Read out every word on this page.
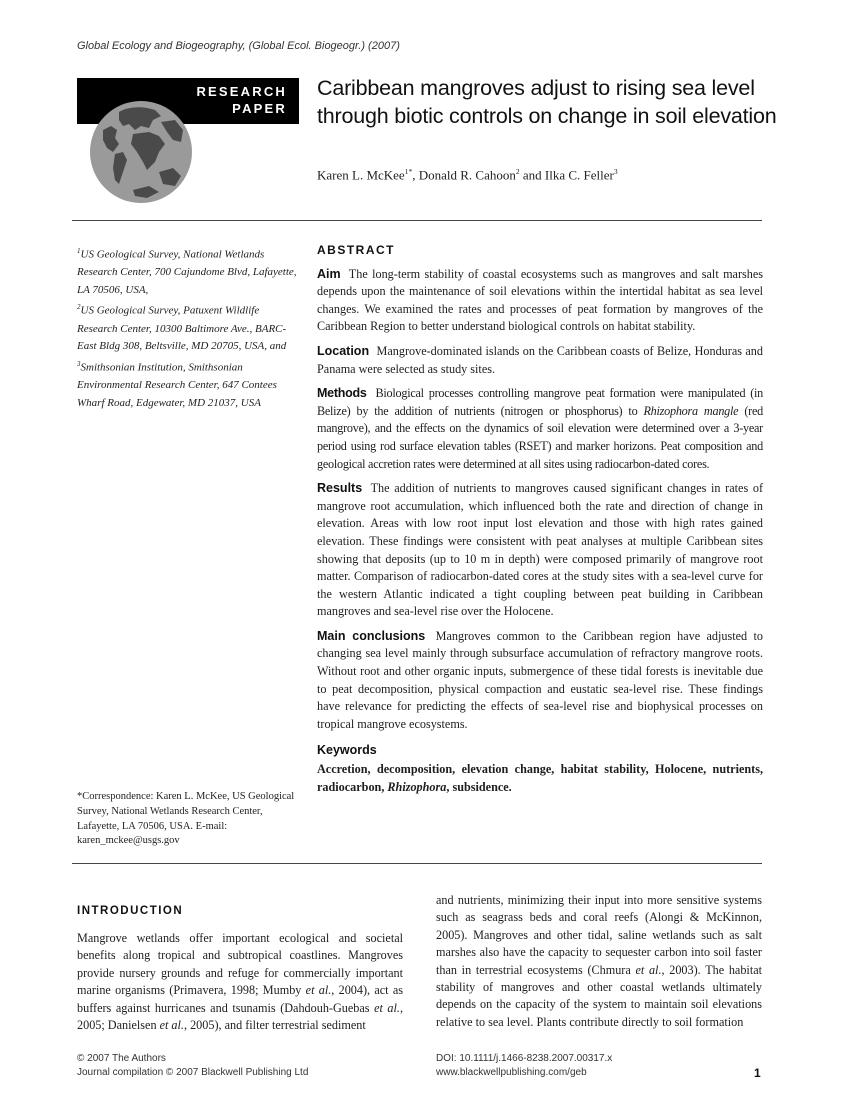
Global Ecology and Biogeography, (Global Ecol. Biogeogr.) (2007)
RESEARCH
PAPER
Caribbean mangroves adjust to rising sea level through biotic controls on change in soil elevation
Karen L. McKee$^{1*}$, Donald R. Cahoon$^2$ and Ilka C. Feller$^3$
$^1$US Geological Survey, National Wetlands Research Center, 700 Cajundome Blvd, Lafayette, LA 70506, USA,
$^2$US Geological Survey, Patuxent Wildlife Research Center, 10300 Baltimore Ave., BARC-East Bldg 308, Beltsville, MD 20705, USA, and
$^3$Smithsonian Institution, Smithsonian Environmental Research Center, 647 Contees Wharf Road, Edgewater, MD 21037, USA
*Correspondence: Karen L. McKee, US Geological Survey, National Wetlands Research Center, Lafayette, LA 70506, USA. E-mail: karen_mckee@usgs.gov
ABSTRACT

Aim The long-term stability of coastal ecosystems such as mangroves and salt marshes depends upon the maintenance of soil elevations within the intertidal habitat as sea level changes. We examined the rates and processes of peat formation by mangroves of the Caribbean Region to better understand biological controls on habitat stability.

Location Mangrove-dominated islands on the Caribbean coasts of Belize, Honduras and Panama were selected as study sites.

Methods Biological processes controlling mangrove peat formation were manipulated (in Belize) by the addition of nutrients (nitrogen or phosphorus) to Rhizophora mangle (red mangrove), and the effects on the dynamics of soil elevation were determined over a 3-year period using rod surface elevation tables (RSET) and marker horizons. Peat composition and geological accretion rates were determined at all sites using radiocarbon-dated cores.

Results The addition of nutrients to mangroves caused significant changes in rates of mangrove root accumulation, which influenced both the rate and direction of change in elevation. Areas with low root input lost elevation and those with high rates gained elevation. These findings were consistent with peat analyses at multiple Caribbean sites showing that deposits (up to 10 m in depth) were composed primarily of mangrove root matter. Comparison of radiocarbon-dated cores at the study sites with a sea-level curve for the western Atlantic indicated a tight coupling between peat building in Caribbean mangroves and sea-level rise over the Holocene.

Main conclusions Mangroves common to the Caribbean region have adjusted to changing sea level mainly through subsurface accumulation of refractory mangrove roots. Without root and other organic inputs, submergence of these tidal forests is inevitable due to peat decomposition, physical compaction and eustatic sea-level rise. These findings have relevance for predicting the effects of sea-level rise and biophysical processes on tropical mangrove ecosystems.

Keywords
Accretion, decomposition, elevation change, habitat stability, Holocene, nutrients, radiocarbon, Rhizophora, subsidence.
INTRODUCTION
Mangrove wetlands offer important ecological and societal benefits along tropical and subtropical coastlines. Mangroves provide nursery grounds and refuge for commercially important marine organisms (Primavera, 1998; Mumby et al., 2004), act as buffers against hurricanes and tsunamis (Dahdouh-Guebas et al., 2005; Danielsen et al., 2005), and filter terrestrial sediment
and nutrients, minimizing their input into more sensitive systems such as seagrass beds and coral reefs (Alongi & McKinnon, 2005). Mangroves and other tidal, saline wetlands such as salt marshes also have the capacity to sequester carbon into soil faster than in terrestrial ecosystems (Chmura et al., 2003). The habitat stability of mangroves and other coastal wetlands ultimately depends on the capacity of the system to maintain soil elevations relative to sea level. Plants contribute directly to soil formation
© 2007 The Authors
Journal compilation © 2007 Blackwell Publishing Ltd
DOI: 10.1111/j.1466-8238.2007.00317.x
www.blackwellpublishing.com/geb	1
